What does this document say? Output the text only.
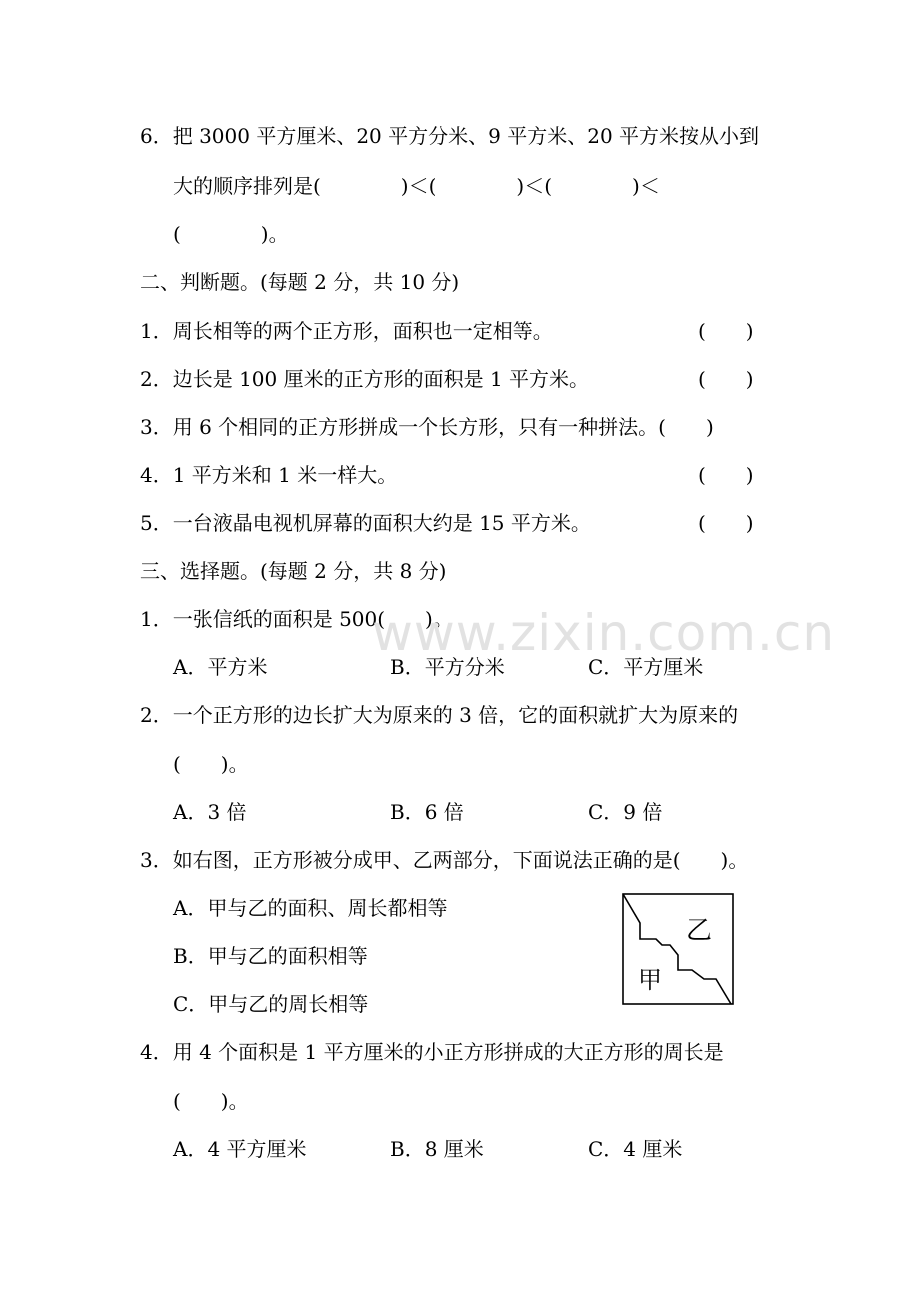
6．把 3000 平方厘米、20 平方分米、9 平方米、20 平方米按从小到
大的顺序排列是(　　　　)＜(　　　　)＜(　　　　)＜
(　　　　)。
二、判断题。(每题 2 分，共 10 分)
1．周长相等的两个正方形，面积也一定相等。	(　　)
2．边长是 100 厘米的正方形的面积是 1 平方米。	(　　)
3．用 6 个相同的正方形拼成一个长方形，只有一种拼法。(　　)
4．1 平方米和 1 米一样大。	(　　)
5．一台液晶电视机屏幕的面积大约是 15 平方米。	(　　)
三、选择题。(每题 2 分，共 8 分)
1．一张信纸的面积是 500(　　)。
A．平方米	B．平方分米	C．平方厘米
2．一个正方形的边长扩大为原来的 3 倍，它的面积就扩大为原来的
(　　)。
A．3 倍	B．6 倍	C．9 倍
3．如右图，正方形被分成甲、乙两部分，下面说法正确的是(　　)。
A．甲与乙的面积、周长都相等
B．甲与乙的面积相等
C．甲与乙的周长相等
4．用 4 个面积是 1 平方厘米的小正方形拼成的大正方形的周长是
(　　)。
A．4 平方厘米	B．8 厘米	C．4 厘米
www.zixin.com.cn
乙
甲
